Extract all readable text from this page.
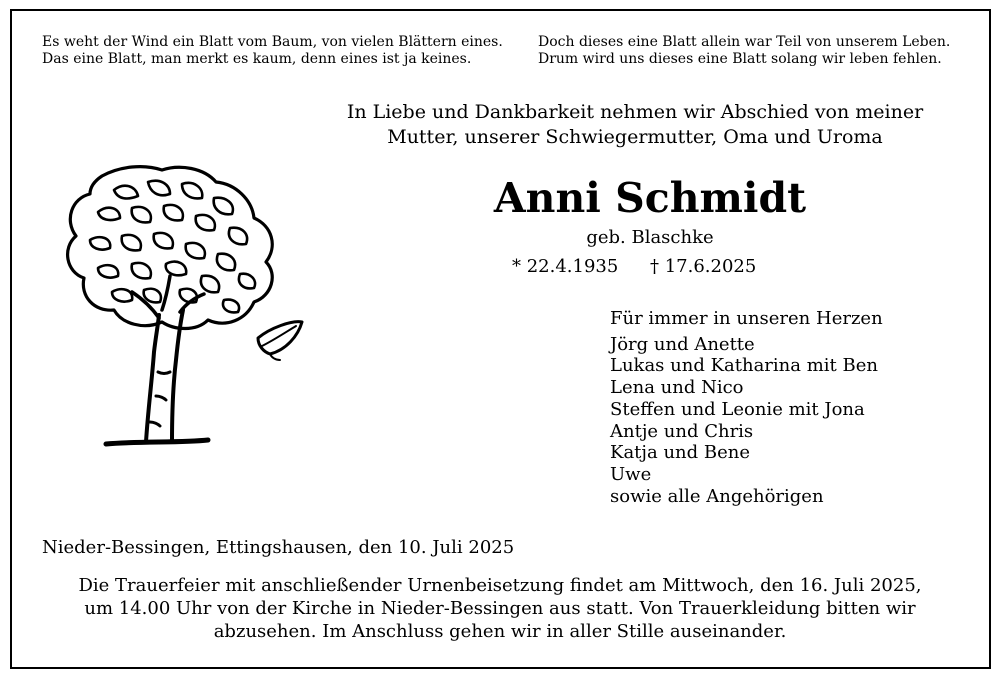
Es weht der Wind ein Blatt vom Baum, von vielen Blättern eines.
Das eine Blatt, man merkt es kaum, denn eines ist ja keines.
Doch dieses eine Blatt allein war Teil von unserem Leben.
Drum wird uns dieses eine Blatt solang wir leben fehlen.
In Liebe und Dankbarkeit nehmen wir Abschied von meiner
Mutter, unserer Schwiegermutter, Oma und Uroma
Anni Schmidt
geb. Blaschke
* 22.4.1935 † 17.6.2025
Für immer in unseren Herzen
Jörg und Anette
Lukas und Katharina mit Ben
Lena und Nico
Steffen und Leonie mit Jona
Antje und Chris
Katja und Bene
Uwe
sowie alle Angehörigen
Nieder-Bessingen, Ettingshausen, den 10. Juli 2025
Die Trauerfeier mit anschließender Urnenbeisetzung findet am Mittwoch, den 16. Juli 2025,
um 14.00 Uhr von der Kirche in Nieder-Bessingen aus statt. Von Trauerkleidung bitten wir
abzusehen. Im Anschluss gehen wir in aller Stille auseinander.
